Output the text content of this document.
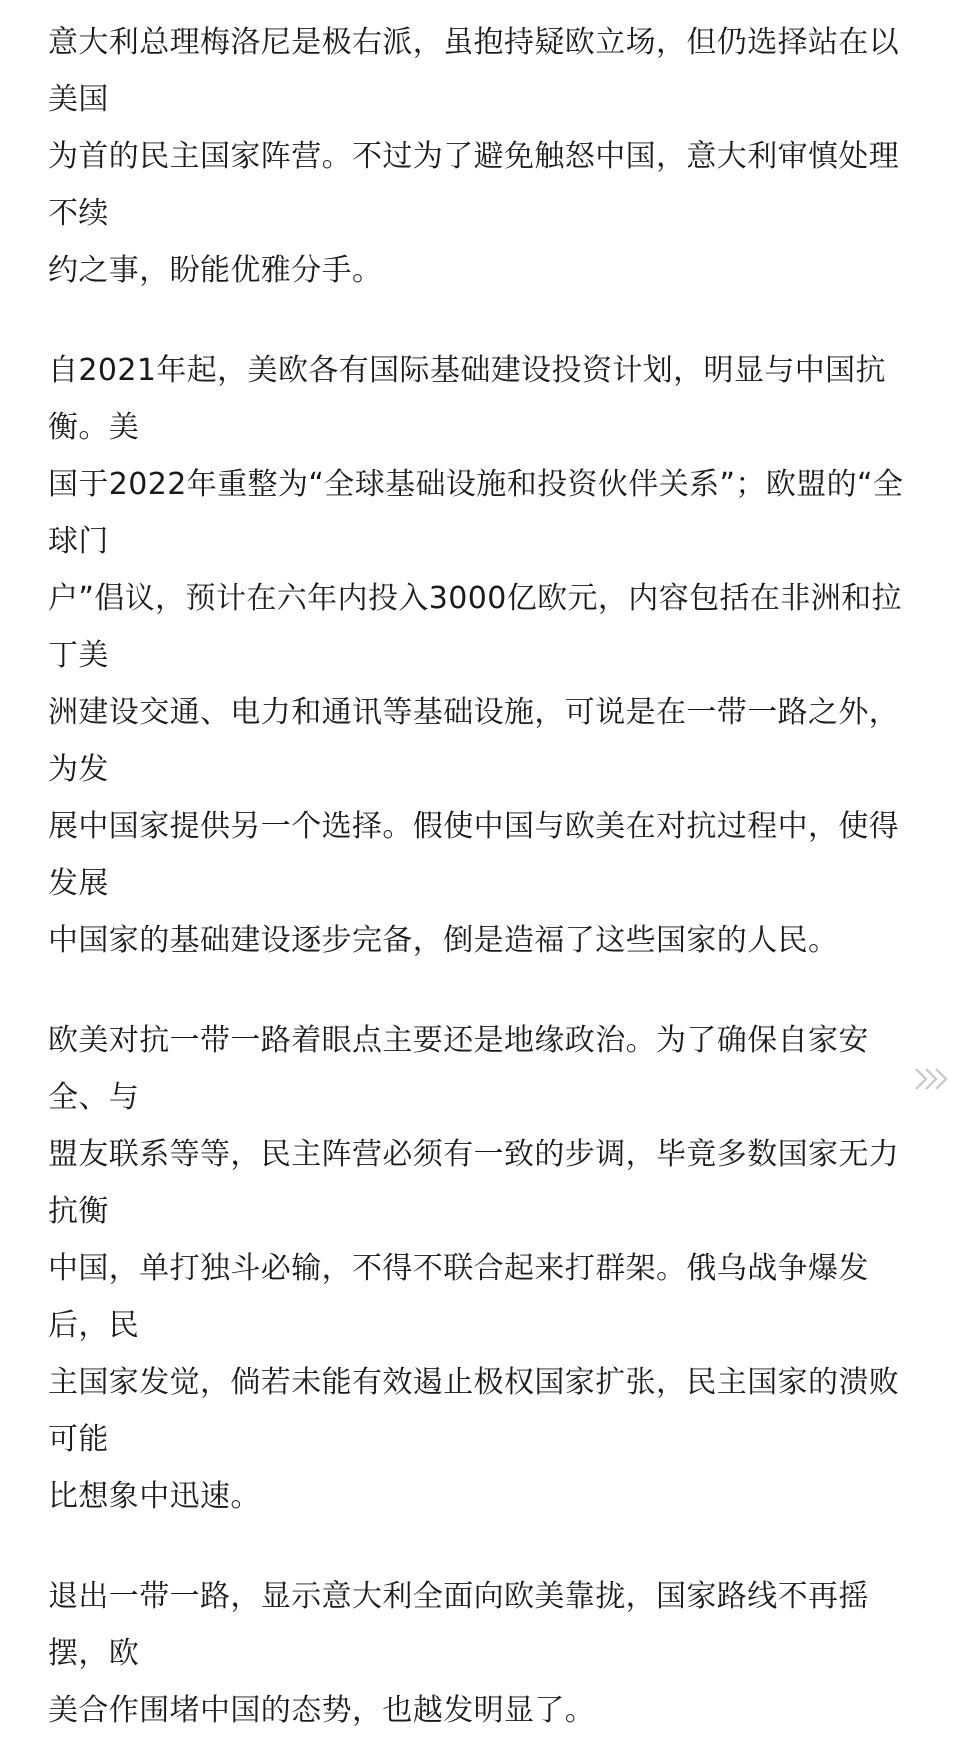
意大利总理梅洛尼是极右派，虽抱持疑欧立场，但仍选择站在以美国
为首的民主国家阵营。不过为了避免触怒中国，意大利审慎处理不续
约之事，盼能优雅分手。

自2021年起，美欧各有国际基础建设投资计划，明显与中国抗衡。美
国于2022年重整为“全球基础设施和投资伙伴关系”；欧盟的“全球门
户”倡议，预计在六年内投入3000亿欧元，内容包括在非洲和拉丁美
洲建设交通、电力和通讯等基础设施，可说是在一带一路之外，为发
展中国家提供另一个选择。假使中国与欧美在对抗过程中，使得发展
中国家的基础建设逐步完备，倒是造福了这些国家的人民。

欧美对抗一带一路着眼点主要还是地缘政治。为了确保自家安全、与
盟友联系等等，民主阵营必须有一致的步调，毕竟多数国家无力抗衡
中国，单打独斗必输，不得不联合起来打群架。俄乌战争爆发后，民
主国家发觉，倘若未能有效遏止极权国家扩张，民主国家的溃败可能
比想象中迅速。

退出一带一路，显示意大利全面向欧美靠拢，国家路线不再摇摆，欧
美合作围堵中国的态势，也越发明显了。
